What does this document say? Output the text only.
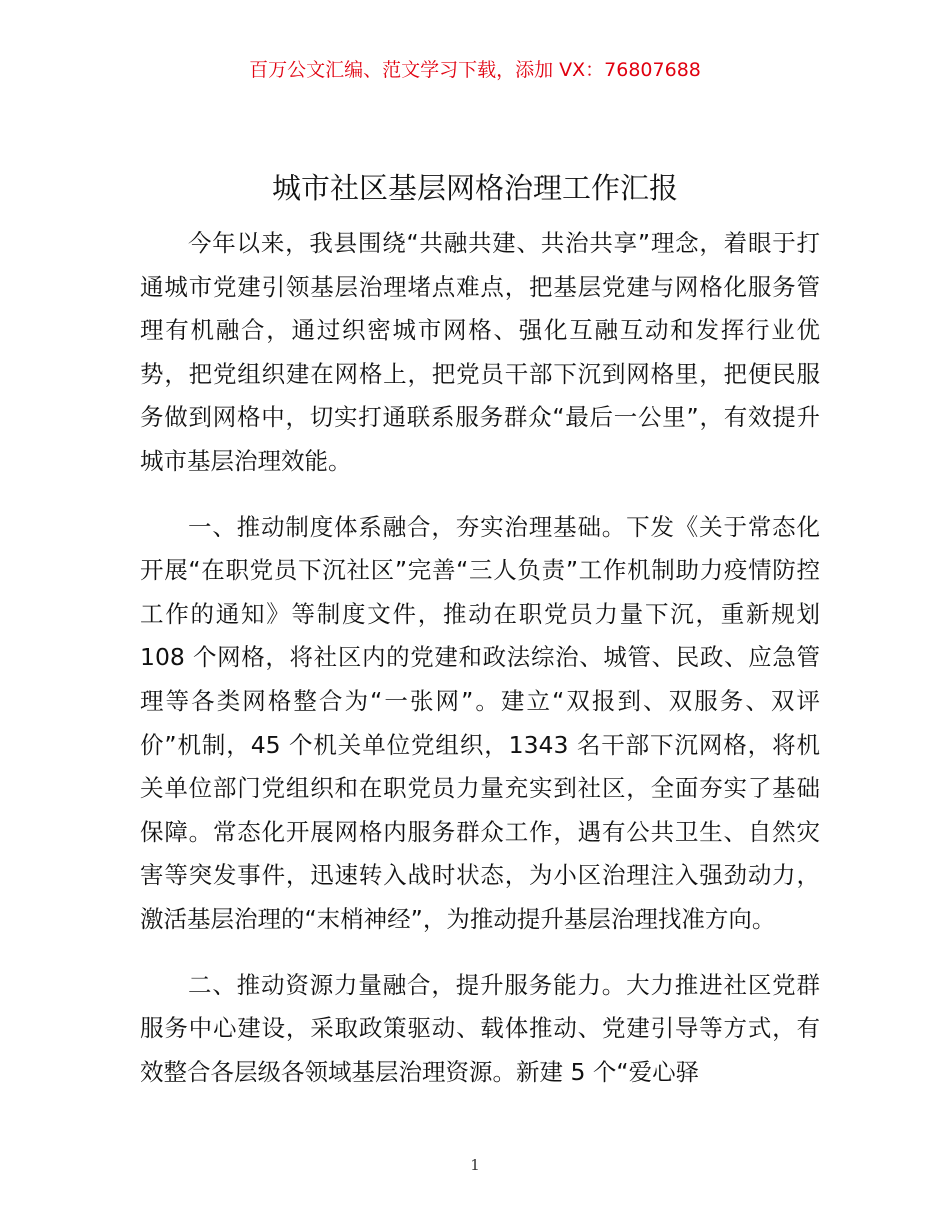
百万公文汇编、范文学习下载，添加 VX：76807688
城市社区基层网格治理工作汇报

今年以来，我县围绕“共融共建、共治共享”理念，着眼于打通城市党建引领基层治理堵点难点，把基层党建与网格化服务管理有机融合，通过织密城市网格、强化互融互动和发挥行业优势，把党组织建在网格上，把党员干部下沉到网格里，把便民服务做到网格中，切实打通联系服务群众“最后一公里”，有效提升城市基层治理效能。

一、推动制度体系融合，夯实治理基础。下发《关于常态化开展“在职党员下沉社区”完善“三人负责”工作机制助力疫情防控工作的通知》等制度文件，推动在职党员力量下沉，重新规划 108 个网格，将社区内的党建和政法综治、城管、民政、应急管理等各类网格整合为“一张网”。建立“双报到、双服务、双评价”机制，45 个机关单位党组织，1343 名干部下沉网格，将机关单位部门党组织和在职党员力量充实到社区，全面夯实了基础保障。常态化开展网格内服务群众工作，遇有公共卫生、自然灾害等突发事件，迅速转入战时状态，为小区治理注入强劲动力，激活基层治理的“末梢神经”，为推动提升基层治理找准方向。

二、推动资源力量融合，提升服务能力。大力推进社区党群服务中心建设，采取政策驱动、载体推动、党建引导等方式，有效整合各层级各领域基层治理资源。新建 5 个“爱心驿

1
